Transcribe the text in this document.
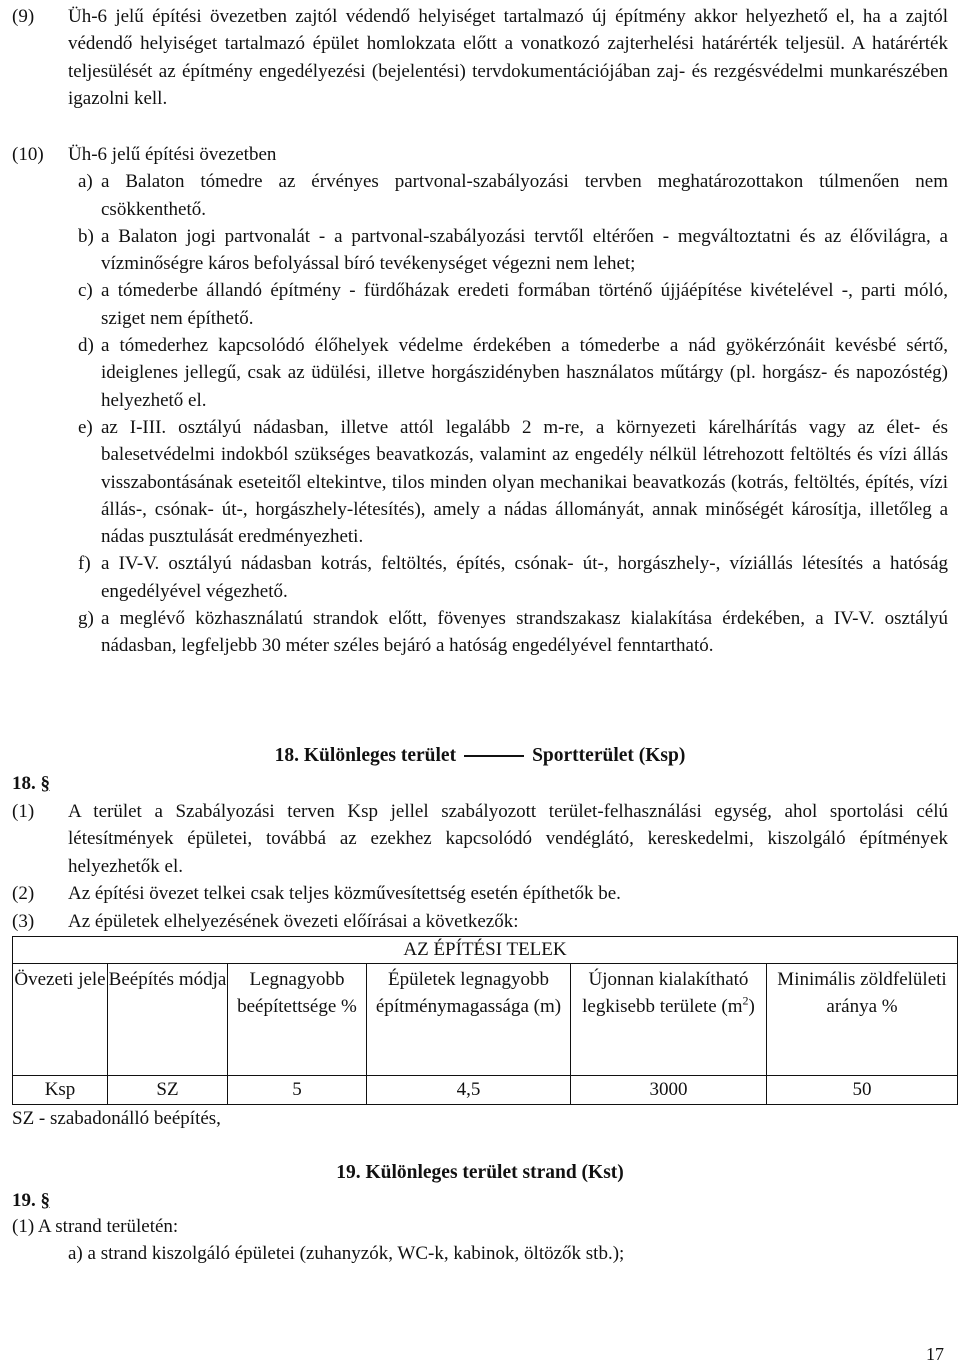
(9) Üh-6 jelű építési övezetben zajtól védendő helyiséget tartalmazó új építmény akkor helyezhető el, ha a zajtól védendő helyiséget tartalmazó épület homlokzata előtt a vonatkozó zajterhelési határérték teljesül. A határérték teljesülését az építmény engedélyezési (bejelentési) tervdokumentációjában zaj- és rezgésvédelmi munkarészében igazolni kell.
(10) Üh-6 jelű építési övezetben
a) a Balaton tómedre az érvényes partvonal-szabályozási tervben meghatározottakon túlmenően nem csökkenthető.
b) a Balaton jogi partvonalát - a partvonal-szabályozási tervtől eltérően - megváltoztatni és az élővilágra, a vízminőségre káros befolyással bíró tevékenységet végezni nem lehet;
c) a tómederbe állandó építmény - fürdőházak eredeti formában történő újjáépítése kivételével -, parti móló, sziget nem építhető.
d) a tómederhez kapcsolódó élőhelyek védelme érdekében a tómederbe a nád gyökérzónáit kevésbé sértő, ideiglenes jellegű, csak az üdülési, illetve horgászidényben használatos műtárgy (pl. horgász- és napozóstég) helyezhető el.
e) az I-III. osztályú nádasban, illetve attól legalább 2 m-re, a környezeti kárelhárítás vagy az élet- és balesetvédelmi indokból szükséges beavatkozás, valamint az engedély nélkül létrehozott feltöltés és vízi állás visszabontásának eseteitől eltekintve, tilos minden olyan mechanikai beavatkozás (kotrás, feltöltés, építés, vízi állás-, csónak- út-, horgászhely-létesítés), amely a nádas állományát, annak minőségét károsítja, illetőleg a nádas pusztulását eredményezheti.
f) a IV-V. osztályú nádasban kotrás, feltöltés, építés, csónak- út-, horgászhely-, víziállás létesítés a hatóság engedélyével végezhető.
g) a meglévő közhasználatú strandok előtt, fövenyes strandszakasz kialakítása érdekében, a IV-V. osztályú nádasban, legfeljebb 30 méter széles bejáró a hatóság engedélyével fenntartható.
18. Különleges terület	Sportterület (Ksp)
18. §
(1) A terület a Szabályozási terven Ksp jellel szabályozott terület-felhasználási egység, ahol sportolási célú létesítmények épületei, továbbá az ezekhez kapcsolódó vendéglátó, kereskedelmi, kiszolgáló építmények helyezhetők el.
(2) Az építési övezet telkei csak teljes közművesítettség esetén építhetők be.
(3) Az épületek elhelyezésének övezeti előírásai a következők:
AZ ÉPÍTÉSI TELEK					
Övezeti jele	Beépítés módja	Legnagyobb beépítettsége %	Épületek legnagyobb építménymagassága (m)	Újonnan kialakítható legkisebb területe $(m^2)$	Minimális zöldfelületi aránya %
Ksp	SZ	5	4,5	3000	50
SZ - szabadonálló beépítés,
19. Különleges terület strand (Kst)
19. §
(1) A strand területén:
a) a strand kiszolgáló épületei (zuhanyzók, WC-k, kabinok, öltözők stb.);
17
